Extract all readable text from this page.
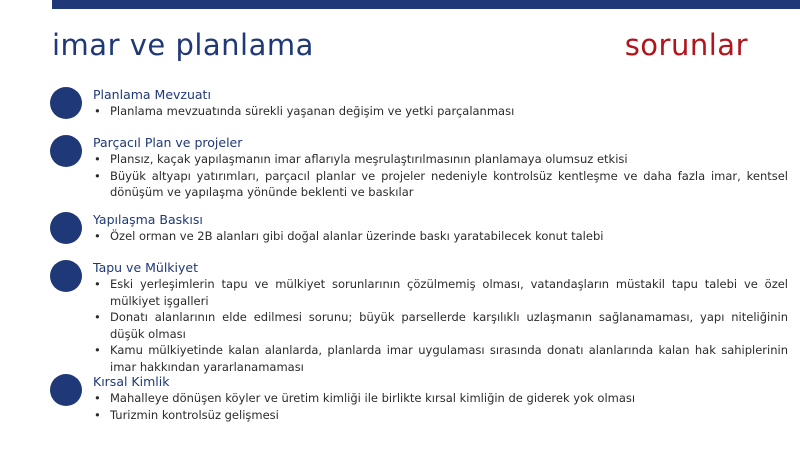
imar ve planlama	sorunlar
Planlama Mevzuatı
• Planlama mevzuatında sürekli yaşanan değişim ve yetki parçalanması
Parçacıl Plan ve projeler
• Plansız, kaçak yapılaşmanın imar aflarıyla meşrulaştırılmasının planlamaya olumsuz etkisi
• Büyük altyapı yatırımları, parçacıl planlar ve projeler nedeniyle kontrolsüz kentleşme ve daha fazla imar, kentsel dönüşüm ve yapılaşma yönünde beklenti ve baskılar
Yapılaşma Baskısı
• Özel orman ve 2B alanları gibi doğal alanlar üzerinde baskı yaratabilecek konut talebi
Tapu ve Mülkiyet
• Eski yerleşimlerin tapu ve mülkiyet sorunlarının çözülmemiş olması, vatandaşların müstakil tapu talebi ve özel mülkiyet işgalleri
• Donatı alanlarının elde edilmesi sorunu; büyük parsellerde karşılıklı uzlaşmanın sağlanamaması, yapı niteliğinin düşük olması
• Kamu mülkiyetinde kalan alanlarda, planlarda imar uygulaması sırasında donatı alanlarında kalan hak sahiplerinin imar hakkından yararlanamaması
Kırsal Kimlik
• Mahalleye dönüşen köyler ve üretim kimliği ile birlikte kırsal kimliğin de giderek yok olması
• Turizmin kontrolsüz gelişmesi
